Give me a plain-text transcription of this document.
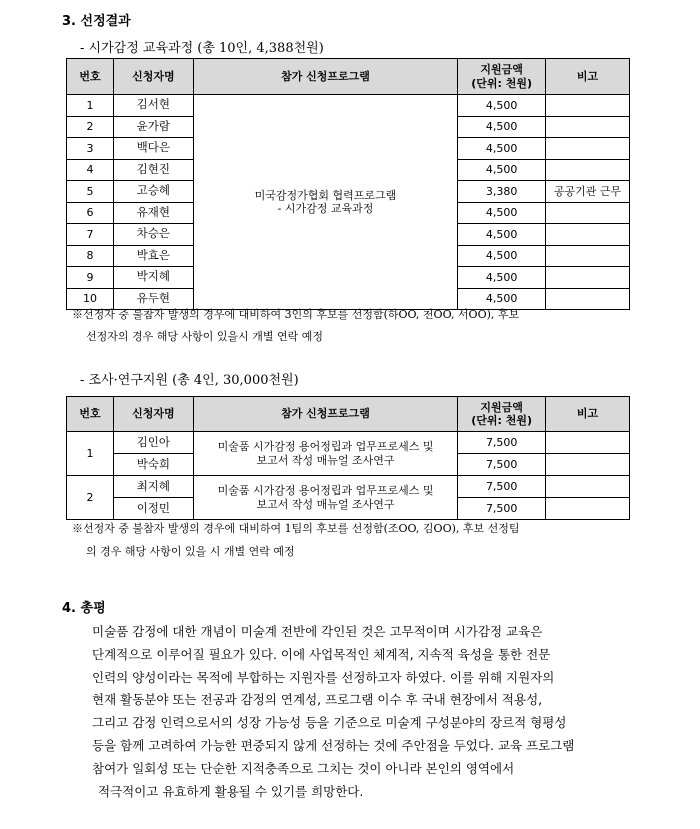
3. 선정결과
- 시가감정 교육과정 (총 10인, 4,388천원)
번호	신청자명	참가 신청프로그램	지원금액
(단위: 천원)	비고
1	김서현	미국감정가협회 협력프로그램
- 시가감정 교육과정	4,500	
2	윤가람		4,500	
3	백다은		4,500	
4	김현진		4,500	
5	고승혜		3,380	공공기관 근무
6	유재현		4,500	
7	차승은		4,500	
8	박효은		4,500	
9	박지혜		4,500	
10	유두현		4,500	
※선정자 중 불참자 발생의 경우에 대비하여 3인의 후보를 선정함(하OO, 천OO, 서OO), 후보
선정자의 경우 해당 사항이 있을시 개별 연락 예정
- 조사·연구지원 (총 4인, 30,000천원)
번호	신청자명	참가 신청프로그램	지원금액
(단위: 천원)	비고
1	김인아	미술품 시가감정 용어정립과 업무프로세스 및
보고서 작성 매뉴얼 조사연구	7,500	
	박숙희		7,500	
2	최지혜	미술품 시가감정 용어정립과 업무프로세스 및
보고서 작성 매뉴얼 조사연구	7,500	
	이정민		7,500	
※선정자 중 불참자 발생의 경우에 대비하여 1팀의 후보를 선정함(조OO, 김OO), 후보 선정팀
의 경우 해당 사항이 있을 시 개별 연락 예정
4. 총평
미술품 감정에 대한 개념이 미술계 전반에 각인된 것은 고무적이며 시가감정 교육은
단계적으로 이루어질 필요가 있다. 이에 사업목적인 체계적, 지속적 육성을 통한 전문
인력의 양성이라는 목적에 부합하는 지원자를 선정하고자 하였다. 이를 위해 지원자의
현재 활동분야 또는 전공과 감정의 연계성, 프로그램 이수 후 국내 현장에서 적용성,
그리고 감정 인력으로서의 성장 가능성 등을 기준으로 미술계 구성분야의 장르적 형평성
등을 함께 고려하여 가능한 편중되지 않게 선정하는 것에 주안점을 두었다. 교육 프로그램
참여가 일회성 또는 단순한 지적충족으로 그치는 것이 아니라 본인의 영역에서
적극적이고 유효하게 활용될 수 있기를 희망한다.
